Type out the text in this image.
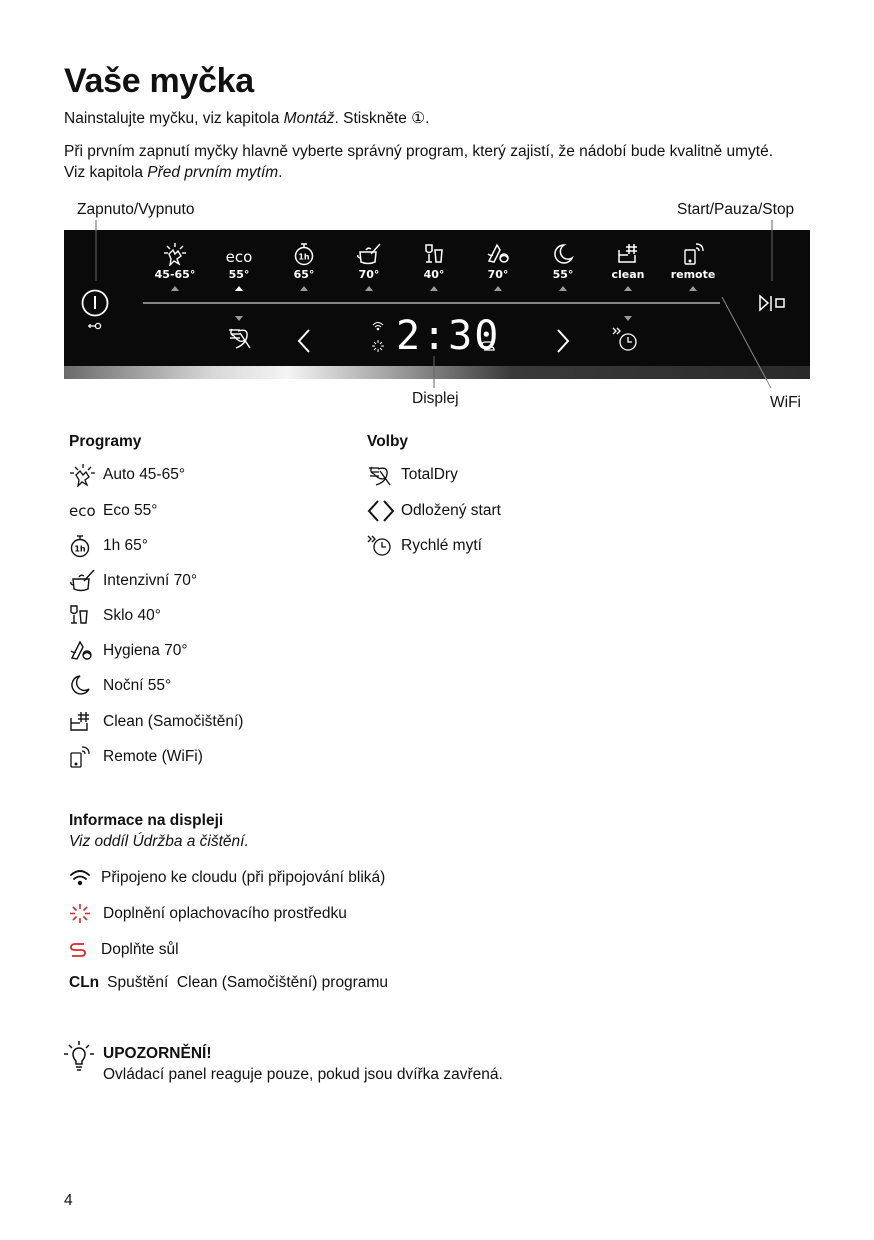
Vaše myčka
Nainstalujte myčku, viz kapitola Montáž. Stiskněte ①.
Při prvním zapnutí myčky hlavně vyberte správný program, který zajistí, že nádobí bude kvalitně umyté.
Viz kapitola Před prvním mytím.
Zapnuto/Vypnuto	Start/Pauza/Stop
Displej	WiFi
45-65°
eco
55°
1h
65°	70°	40°	70°	55°	clean	remote
2:30
Programy
Auto 45-65°
eco Eco 55°
1h 1h 65°
Intenzivní 70°
Sklo 40°
Hygiena 70°
Noční 55°
Clean (Samočištění)
Remote (WiFi)
Volby
TotalDry
Odložený start
Rychlé mytí
Informace na displeji
Viz oddíl Údržba a čištění.
Připojeno ke cloudu (při připojování bliká)
Doplnění oplachovacího prostředku
Doplňte sůl
CLn Spuštění  Clean (Samočištění) programu
UPOZORNĚNÍ!
Ovládací panel reaguje pouze, pokud jsou dvířka zavřená.
4
